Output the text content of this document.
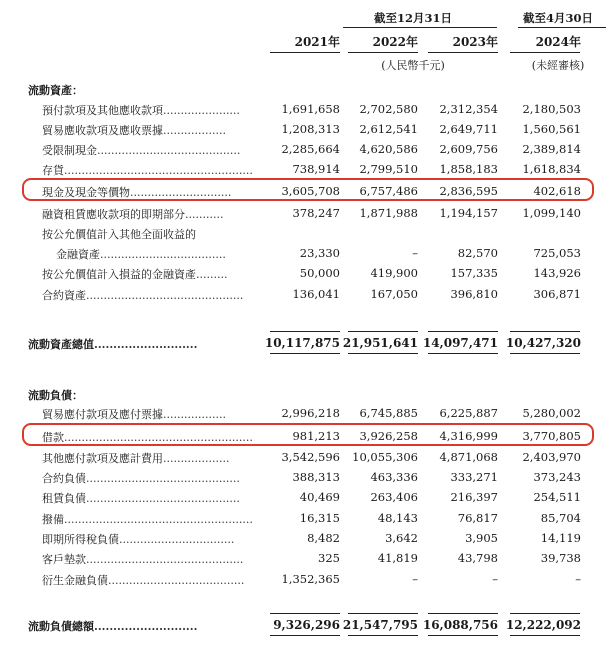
截至12月31日	截至4月30日
2021年	2022年	2023年	2024年
(人民幣千元)	(未經審核)
流動資產：
預付款項及其他應收款項......................	1,691,658	2,702,580	2,312,354	2,180,503
貿易應收款項及應收票據..................	1,208,313	2,612,541	2,649,711	1,560,561
受限制現金.........................................	2,285,664	4,620,586	2,609,756	2,389,814
存貨......................................................	738,914	2,799,510	1,858,183	1,618,834
現金及現金等價物.............................	3,605,708	6,757,486	2,836,595	402,618
融資租賃應收款項的即期部分...........	378,247	1,871,988	1,194,157	1,099,140
按公允價值計入其他全面收益的
金融資產....................................	23,330	–	82,570	725,053
按公允價值計入損益的金融資產.........	50,000	419,900	157,335	143,926
合約資產.............................................	136,041	167,050	396,810	306,871
流動資產總值...........................	10,117,875 21,951,641 14,097,471 10,427,320
流動負債：
貿易應付款項及應付票據..................	2,996,218	6,745,885	6,225,887	5,280,002
借款......................................................	981,213	3,926,258	4,316,999	3,770,805
其他應付款項及應計費用...................	3,542,596	10,055,306	4,871,068	2,403,970
合約負債............................................	388,313	463,336	333,271	373,243
租賃負債............................................	40,469	263,406	216,397	254,511
撥備......................................................	16,315	48,143	76,817	85,704
即期所得稅負債.................................	8,482	3,642	3,905	14,119
客戶墊款.............................................	325	41,819	43,798	39,738
衍生金融負債.......................................	1,352,365	–	–	–
流動負債總額...........................	9,326,296 21,547,795 16,088,756 12,222,092
